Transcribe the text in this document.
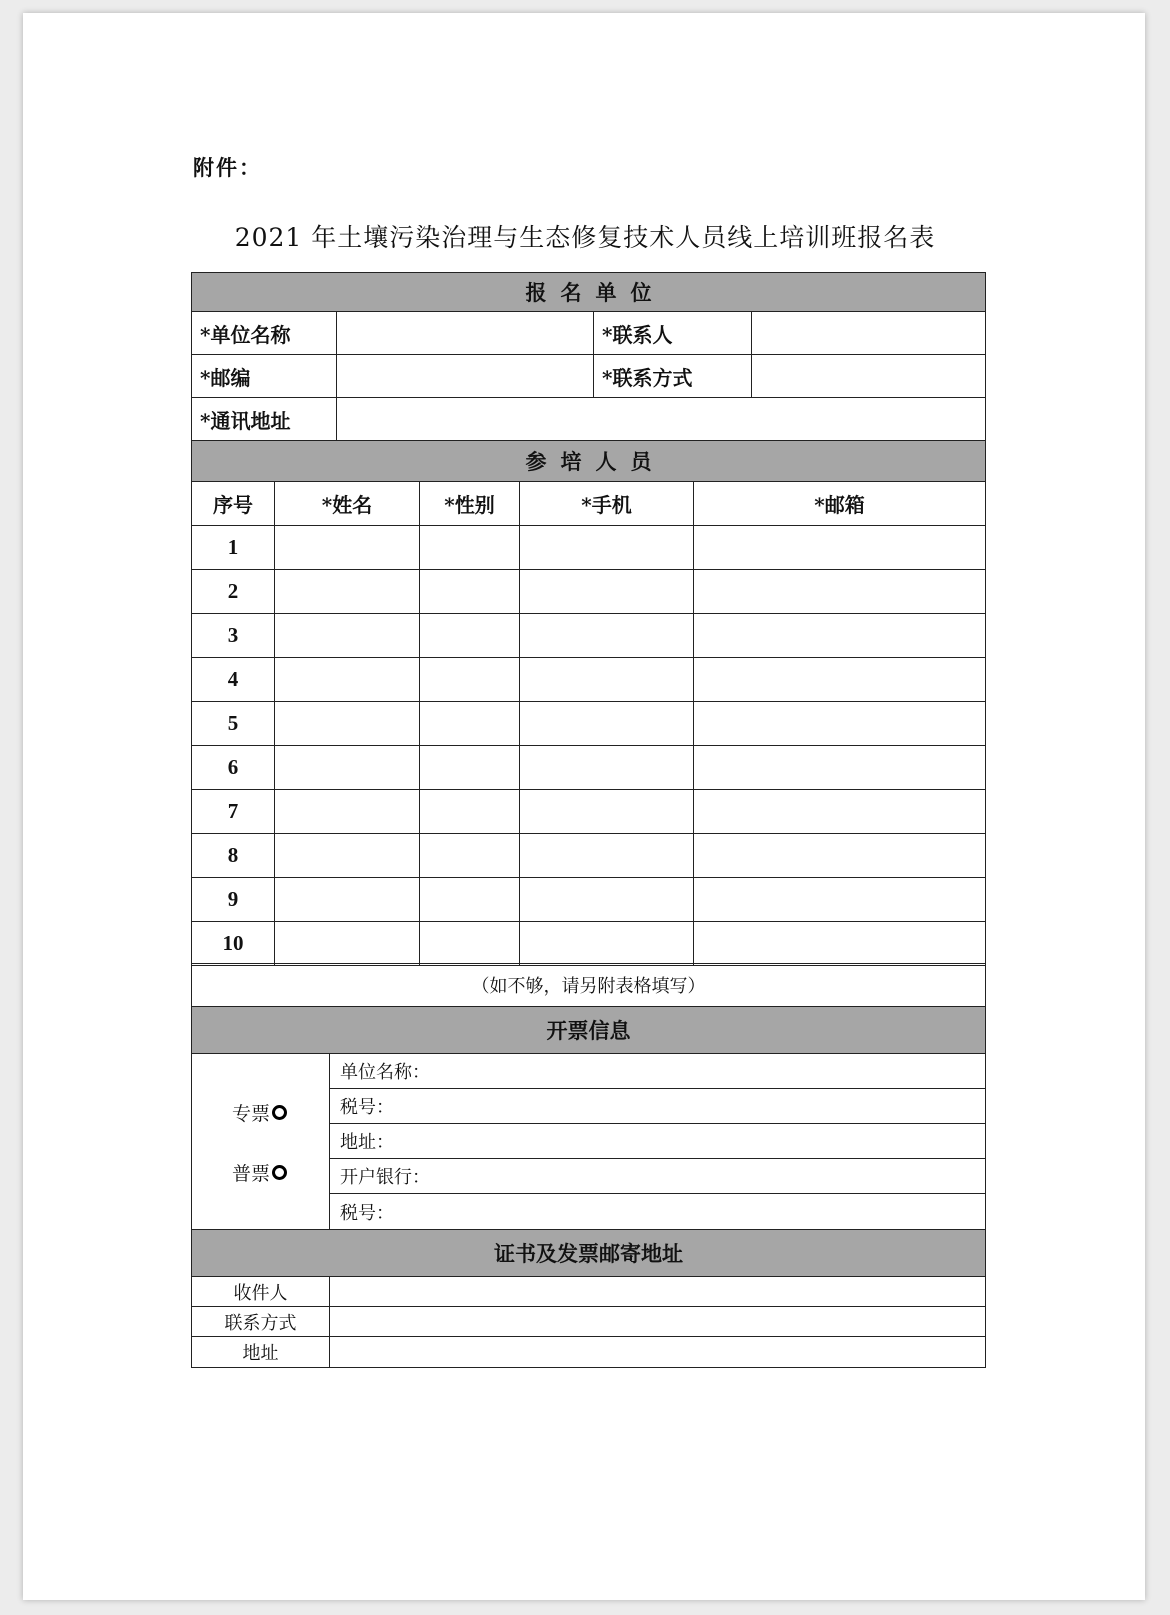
附件：
2021 年土壤污染治理与生态修复技术人员线上培训班报名表
报名单位
*单位名称	*联系人
*邮编	*联系方式
*通讯地址
参培人员
序号	*姓名	*性别	*手机	*邮箱
1
2
3
4
5
6
7
8
9
10
（如不够，请另附表格填写）
开票信息
专票
普票
单位名称：
税号：
地址：
开户银行：
税号：
证书及发票邮寄地址
收件人
联系方式
地址
